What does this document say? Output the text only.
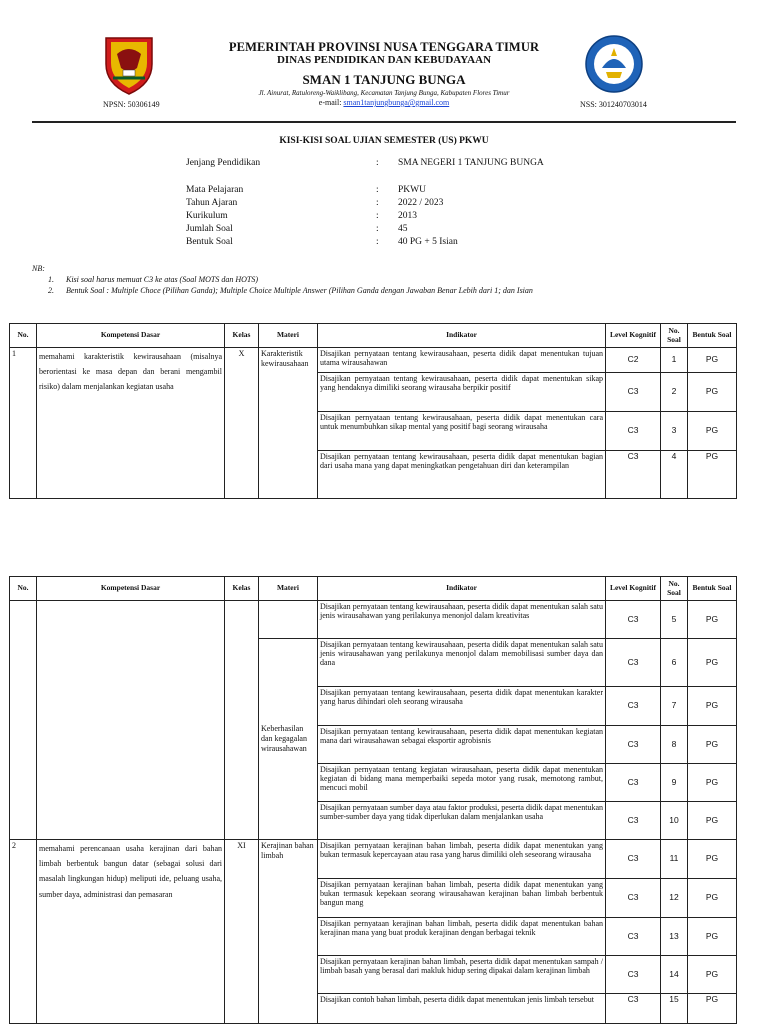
PEMERINTAH PROVINSI NUSA TENGGARA TIMUR
DINAS PENDIDIKAN DAN KEBUDAYAAN
SMAN 1 TANJUNG BUNGA
Jl. Ainurat, Ratuloreng-Waiklibang, Kecamatan Tanjung Bunga, Kabupaten Flores Timur
e-mail: sman1tanjungbunga@gmail.com
NPSN: 50306149	NSS: 301240703014
KISI-KISI SOAL UJIAN SEMESTER (US) PKWU
Jenjang Pendidikan	: SMA NEGERI 1 TANJUNG BUNGA
Mata Pelajaran	: PKWU
Tahun Ajaran	: 2022 / 2023
Kurikulum	: 2013
Jumlah Soal	: 45
Bentuk Soal	: 40 PG + 5 Isian
NB:
1. Kisi soal harus memuat C3 ke atas (Soal MOTS dan HOTS)
2. Bentuk Soal : Multiple Choce (Pilihan Ganda); Multiple Choice Multiple Answer (Pilihan Ganda dengan Jawaban Benar Lebih dari 1; dan Isian
No.	Kompetensi Dasar	Kelas	Materi	Indikator	Level Kognitif	No. Soal	Bentuk Soal
1	memahami karakteristik kewirausahaan (misalnya berorientasi ke masa depan dan berani mengambil risiko) dalam menjalankan kegiatan usaha	X	Karakteristik kewirausahaan	Disajikan pernyataan tentang kewirausahaan, peserta didik dapat menentukan tujuan utama wirausahawan	C2	1	PG
				Disajikan pernyataan tentang kewirausahaan, peserta didik dapat menentukan sikap yang hendaknya dimiliki seorang wirausaha berpikir positif	C3	2	PG
				Disajikan pernyataan tentang kewirausahaan, peserta didik dapat menentukan cara untuk menumbuhkan sikap mental yang positif bagi seorang wirausaha	C3	3	PG
				Disajikan pernyataan tentang kewirausahaan, peserta didik dapat menentukan bagian dari usaha mana yang dapat meningkatkan pengetahuan diri dan keterampilan	C3	4	PG
No.	Kompetensi Dasar	Kelas	Materi	Indikator	Level Kognitif	No. Soal	Bentuk Soal
				Disajikan pernyataan tentang kewirausahaan, peserta didik dapat menentukan salah satu jenis wirausahawan yang perilakunya menonjol dalam kreativitas	C3	5	PG
			Keberhasilan dan kegagalan wirausahawan	Disajikan pernyataan tentang kewirausahaan, peserta didik dapat menentukan salah satu jenis wirausahawan yang perilakunya menonjol dalam memobilisasi sumber daya dan dana	C3	6	PG
				Disajikan pernyataan tentang kewirausahaan, peserta didik dapat menentukan karakter yang harus dihindari oleh seorang wirausaha	C3	7	PG
				Disajikan pernyataan tentang kewirausahaan, peserta didik dapat menentukan kegiatan mana dari wirausahawan sebagai eksportir agrobisnis	C3	8	PG
				Disajikan pernyataan tentang kegiatan wirausahaan, peserta didik dapat menentukan kegiatan di bidang mana memperbaiki sepeda motor yang rusak, memotong rambut, mencuci mobil	C3	9	PG
				Disajikan pernyataan sumber daya atau faktor produksi, peserta didik dapat menentukan sumber-sumber daya yang tidak diperlukan dalam menjalankan usaha	C3	10	PG
2	memahami perencanaan usaha kerajinan dari bahan limbah berbentuk bangun datar (sebagai solusi dari masalah lingkungan hidup) meliputi ide, peluang usaha, sumber daya, administrasi dan pemasaran	XI	Kerajinan bahan limbah	Disajikan pernyataan kerajinan bahan limbah, peserta didik dapat menentukan yang bukan termasuk kepercayaan atau rasa yang harus dimiliki oleh seseorang wirausaha	C3	11	PG
				Disajikan pernyataan kerajinan bahan limbah, peserta didik dapat menentukan yang bukan termasuk kepekaan seorang wirausahawan kerajinan bahan limbah berbentuk bangun mang	C3	12	PG
				Disajikan pernyataan kerajinan bahan limbah, peserta didik dapat menentukan bahan kerajinan mana yang buat produk kerajinan dengan berbagai teknik	C3	13	PG
				Disajikan pernyataan kerajinan bahan limbah, peserta didik dapat menentukan sampah / limbah basah yang berasal dari makluk hidup sering dipakai dalam kerajinan limbah	C3	14	PG
				Disajikan contoh bahan limbah, peserta didik dapat menentukan jenis limbah tersebut	C3	15	PG
